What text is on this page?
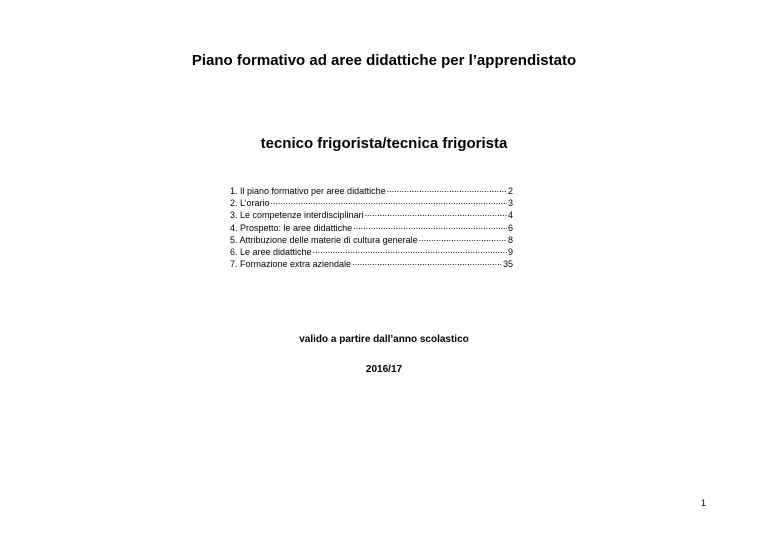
Piano formativo ad aree didattiche per l’apprendistato
tecnico frigorista/tecnica frigorista
1. Il piano formativo per aree didattiche .....	2
2. L’orario .....	3
3. Le competenze interdisciplinari .....	4
4. Prospetto: le aree didattiche .....	6
5. Attribuzione delle materie di cultura generale .....	8
6. Le aree didattiche .....	9
7. Formazione extra aziendale .....	35
valido a partire dall’anno scolastico
2016/17
1
